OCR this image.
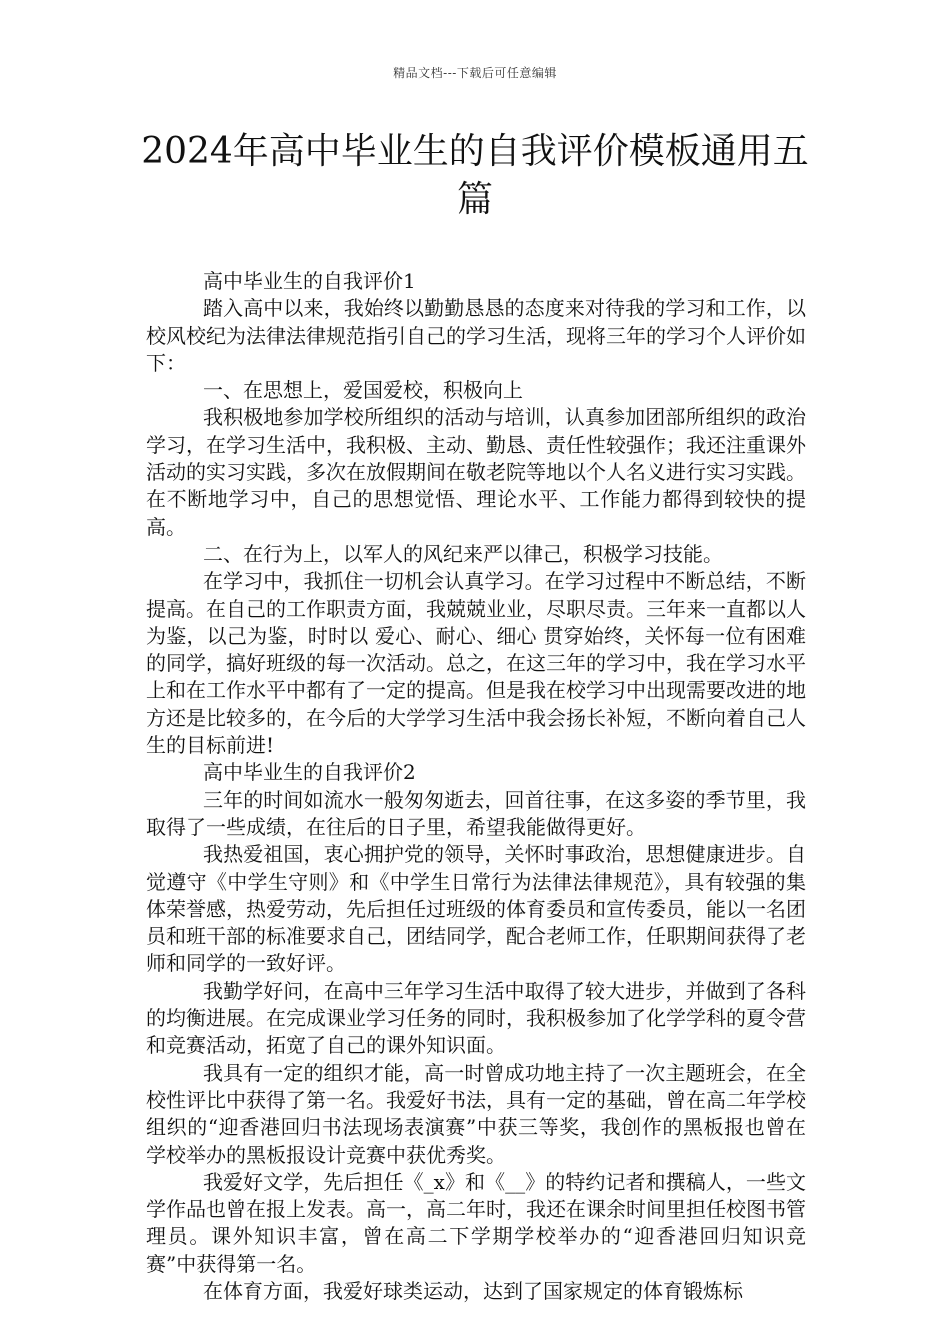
精品文档---下载后可任意编辑
2024年高中毕业生的自我评价模板通用五篇

高中毕业生的自我评价1

踏入高中以来，我始终以勤勤恳恳的态度来对待我的学习和工作，以校风校纪为法律法律规范指引自己的学习生活，现将三年的学习个人评价如下：

一、在思想上，爱国爱校，积极向上

我积极地参加学校所组织的活动与培训，认真参加团部所组织的政治学习，在学习生活中，我积极、主动、勤恳、责任性较强作；我还注重课外活动的实习实践，多次在放假期间在敬老院等地以个人名义进行实习实践。在不断地学习中，自己的思想觉悟、理论水平、工作能力都得到较快的提高。

二、在行为上，以军人的风纪来严以律己，积极学习技能。

在学习中，我抓住一切机会认真学习。在学习过程中不断总结，不断提高。在自己的工作职责方面，我兢兢业业，尽职尽责。三年来一直都以人为鉴，以己为鉴，时时以 爱心、耐心、细心 贯穿始终，关怀每一位有困难的同学，搞好班级的每一次活动。总之，在这三年的学习中，我在学习水平上和在工作水平中都有了一定的提高。但是我在校学习中出现需要改进的地方还是比较多的，在今后的大学学习生活中我会扬长补短，不断向着自己人生的目标前进!

高中毕业生的自我评价2

三年的时间如流水一般匆匆逝去，回首往事，在这多姿的季节里，我取得了一些成绩，在往后的日子里，希望我能做得更好。

我热爱祖国，衷心拥护党的领导，关怀时事政治，思想健康进步。自觉遵守《中学生守则》和《中学生日常行为法律法律规范》，具有较强的集体荣誉感，热爱劳动，先后担任过班级的体育委员和宣传委员，能以一名团员和班干部的标准要求自己，团结同学，配合老师工作，任职期间获得了老师和同学的一致好评。

我勤学好问，在高中三年学习生活中取得了较大进步，并做到了各科的均衡进展。在完成课业学习任务的同时，我积极参加了化学学科的夏令营和竞赛活动，拓宽了自己的课外知识面。

我具有一定的组织才能，高一时曾成功地主持了一次主题班会，在全校性评比中获得了第一名。我爱好书法，具有一定的基础，曾在高二年学校组织的“迎香港回归书法现场表演赛”中获三等奖，我创作的黑板报也曾在学校举办的黑板报设计竞赛中获优秀奖。

我爱好文学，先后担任《_x》和《__》的特约记者和撰稿人，一些文学作品也曾在报上发表。高一，高二年时，我还在课余时间里担任校图书管理员。课外知识丰富，曾在高二下学期学校举办的“迎香港回归知识竞赛”中获得第一名。

在体育方面，我爱好球类运动，达到了国家规定的体育锻炼标
